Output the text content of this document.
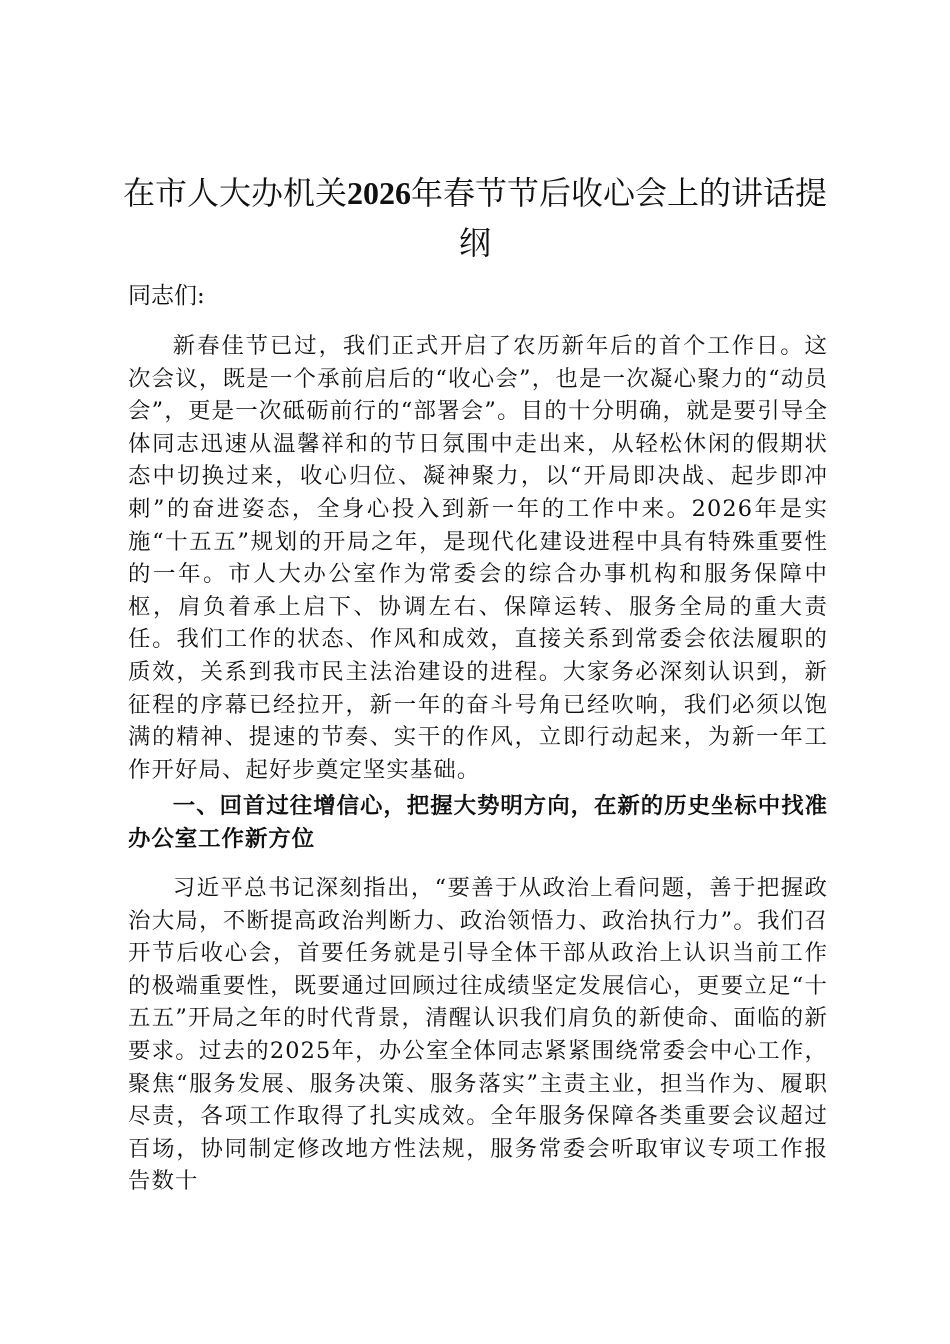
在市人大办机关2026年春节节后收心会上的讲话提纲

同志们:

新春佳节已过，我们正式开启了农历新年后的首个工作日。这次会议，既是一个承前启后的“收心会”，也是一次凝心聚力的“动员会”，更是一次砥砺前行的“部署会”。目的十分明确，就是要引导全体同志迅速从温馨祥和的节日氛围中走出来，从轻松休闲的假期状态中切换过来，收心归位、凝神聚力，以“开局即决战、起步即冲刺”的奋进姿态，全身心投入到新一年的工作中来。2026年是实施“十五五”规划的开局之年，是现代化建设进程中具有特殊重要性的一年。市人大办公室作为常委会的综合办事机构和服务保障中枢，肩负着承上启下、协调左右、保障运转、服务全局的重大责任。我们工作的状态、作风和成效，直接关系到常委会依法履职的质效，关系到我市民主法治建设的进程。大家务必深刻认识到，新征程的序幕已经拉开，新一年的奋斗号角已经吹响，我们必须以饱满的精神、提速的节奏、实干的作风，立即行动起来，为新一年工作开好局、起好步奠定坚实基础。

一、回首过往增信心，把握大势明方向，在新的历史坐标中找准办公室工作新方位

习近平总书记深刻指出，“要善于从政治上看问题，善于把握政治大局，不断提高政治判断力、政治领悟力、政治执行力”。我们召开节后收心会，首要任务就是引导全体干部从政治上认识当前工作的极端重要性，既要通过回顾过往成绩坚定发展信心，更要立足“十五五”开局之年的时代背景，清醒认识我们肩负的新使命、面临的新要求。过去的2025年，办公室全体同志紧紧围绕常委会中心工作，聚焦“服务发展、服务决策、服务落实”主责主业，担当作为、履职尽责，各项工作取得了扎实成效。全年服务保障各类重要会议超过百场，协同制定修改地方性法规，服务常委会听取审议专项工作报告数十
